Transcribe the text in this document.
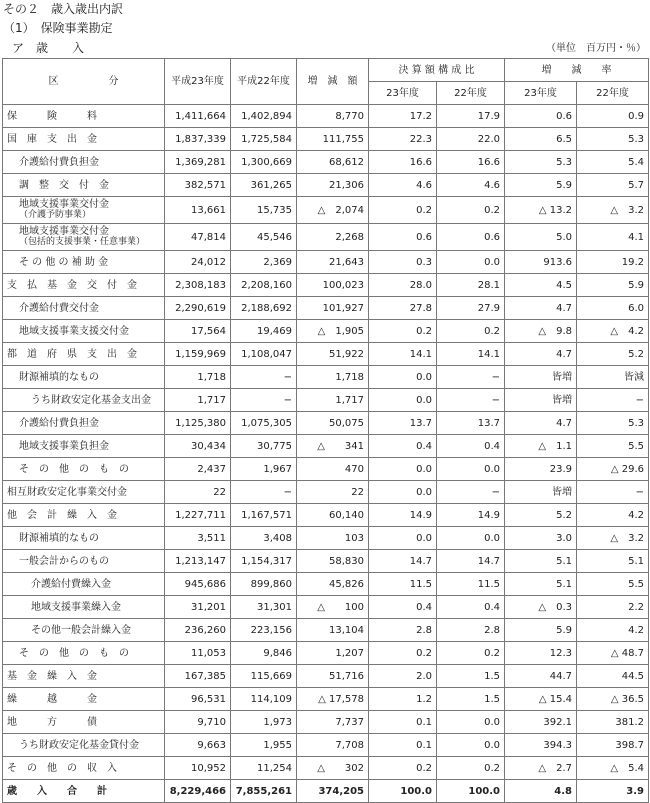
その２　歳入歳出内訳
（1）　保険事業勘定
ア　歳　　入	（単位　百万円・％）
区　　　　　分	平成23年度	平成22年度	増　減　額	決 算 額 構 成 比		増　　減　　率	
				23年度	22年度	23年度	22年度
保　　　険　　　料	1,411,664	1,402,894	8,770	17.2	17.9	0.6	0.9
国　庫　支　出　金	1,837,339	1,725,584	111,755	22.3	22.0	6.5	5.3
介護給付費負担金	1,369,281	1,300,669	68,612	16.6	16.6	5.3	5.4
調　整　交　付　金	382,571	361,265	21,306	4.6	4.6	5.9	5.7

地域支援事業交付金
（介護予防事業）	13,661	15,735	△　2,074	0.2	0.2	△ 13.2	△　3.2

地域支援事業交付金
（包括的支援事業・任意事業）	47,814	45,546	2,268	0.6	0.6	5.0	4.1
そ の 他 の 補 助 金	24,012	2,369	21,643	0.3	0.0	913.6	19.2
支　払　基　金　交　付　金	2,308,183	2,208,160	100,023	28.0	28.1	4.5	5.9
介護給付費交付金	2,290,619	2,188,692	101,927	27.8	27.9	4.7	6.0
地域支援事業支援交付金	17,564	19,469	△　1,905	0.2	0.2	△　9.8	△　4.2
都　道　府　県　支　出　金	1,159,969	1,108,047	51,922	14.1	14.1	4.7	5.2
財源補填的なもの	1,718	−	1,718	0.0	−	皆増	皆減
うち財政安定化基金支出金	1,717	−	1,717	0.0	−	皆増	−
介護給付費負担金	1,125,380	1,075,305	50,075	13.7	13.7	4.7	5.3
地域支援事業負担金	30,434	30,775	△　　341	0.4	0.4	△　1.1	5.5
そ　の　他　の　も　の	2,437	1,967	470	0.0	0.0	23.9	△ 29.6
相互財政安定化事業交付金	22	−	22	0.0	−	皆増	−
他　会　計　繰　入　金	1,227,711	1,167,571	60,140	14.9	14.9	5.2	4.2
財源補填的なもの	3,511	3,408	103	0.0	0.0	3.0	△　3.2
一般会計からのもの	1,213,147	1,154,317	58,830	14.7	14.7	5.1	5.1
介護給付費繰入金	945,686	899,860	45,826	11.5	11.5	5.1	5.5
地域支援事業繰入金	31,201	31,301	△　　100	0.4	0.4	△　0.3	2.2
その他一般会計繰入金	236,260	223,156	13,104	2.8	2.8	5.9	4.2
そ　の　他　の　も　の	11,053	9,846	1,207	0.2	0.2	12.3	△ 48.7
基　金　繰　入　金	167,385	115,669	51,716	2.0	1.5	44.7	44.5
繰　　　越　　　金	96,531	114,109	△ 17,578	1.2	1.5	△ 15.4	△ 36.5
地　　　方　　　債	9,710	1,973	7,737	0.1	0.0	392.1	381.2
うち財政安定化基金貸付金	9,663	1,955	7,708	0.1	0.0	394.3	398.7
そ　の　他　の　収　入	10,952	11,254	△　　302	0.2	0.2	△　2.7	△　5.4
歳　　入　　合　　計	8,229,466	7,855,261	374,205	100.0	100.0	4.8	3.9
